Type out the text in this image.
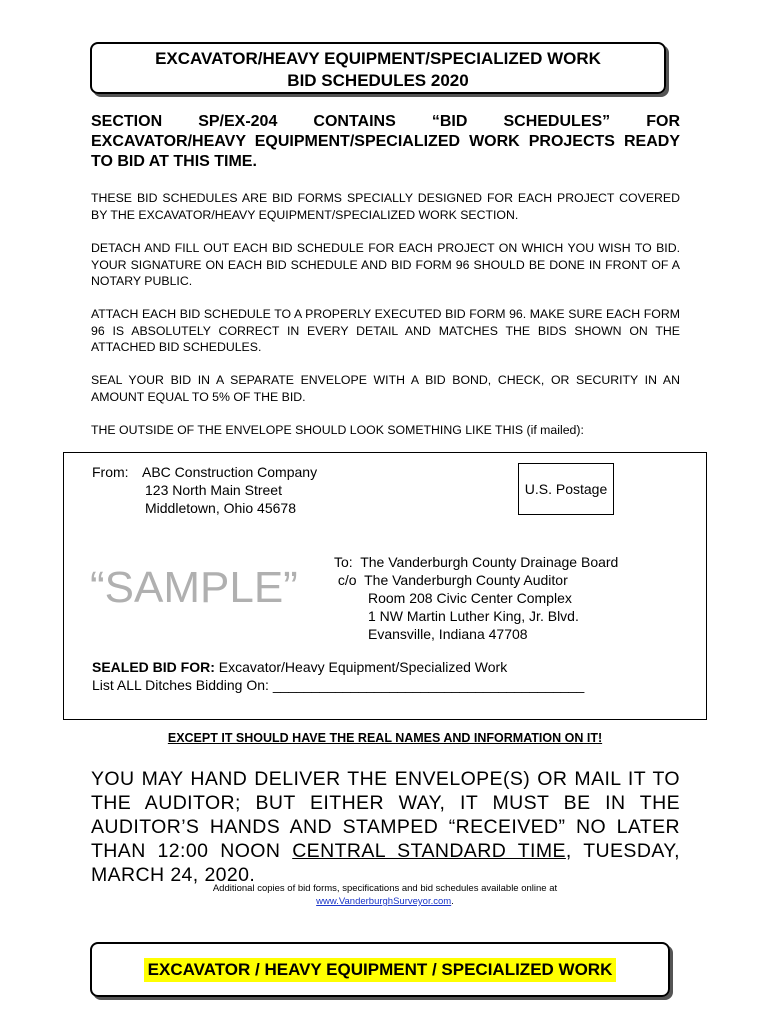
EXCAVATOR/HEAVY EQUIPMENT/SPECIALIZED WORK
BID SCHEDULES 2020
SECTION SP/EX-204 CONTAINS “BID SCHEDULES” FOR EXCAVATOR/HEAVY EQUIPMENT/SPECIALIZED WORK PROJECTS READY TO BID AT THIS TIME.
THESE BID SCHEDULES ARE BID FORMS SPECIALLY DESIGNED FOR EACH PROJECT COVERED BY THE EXCAVATOR/HEAVY EQUIPMENT/SPECIALIZED WORK SECTION.
DETACH AND FILL OUT EACH BID SCHEDULE FOR EACH PROJECT ON WHICH YOU WISH TO BID. YOUR SIGNATURE ON EACH BID SCHEDULE AND BID FORM 96 SHOULD BE DONE IN FRONT OF A NOTARY PUBLIC.
ATTACH EACH BID SCHEDULE TO A PROPERLY EXECUTED BID FORM 96. MAKE SURE EACH FORM 96 IS ABSOLUTELY CORRECT IN EVERY DETAIL AND MATCHES THE BIDS SHOWN ON THE ATTACHED BID SCHEDULES.
SEAL YOUR BID IN A SEPARATE ENVELOPE WITH A BID BOND, CHECK, OR SECURITY IN AN AMOUNT EQUAL TO 5% OF THE BID.
THE OUTSIDE OF THE ENVELOPE SHOULD LOOK SOMETHING LIKE THIS (if mailed):
From: ABC Construction Company
123 North Main Street
Middletown, Ohio 45678
U.S. Postage
“SAMPLE”
To: The Vanderburgh County Drainage Board
c/o The Vanderburgh County Auditor
Room 208 Civic Center Complex
1 NW Martin Luther King, Jr. Blvd.
Evansville, Indiana 47708
SEALED BID FOR: Excavator/Heavy Equipment/Specialized Work
List ALL Ditches Bidding On: ________________________________________
EXCEPT IT SHOULD HAVE THE REAL NAMES AND INFORMATION ON IT!
YOU MAY HAND DELIVER THE ENVELOPE(S) OR MAIL IT TO THE AUDITOR; BUT EITHER WAY, IT MUST BE IN THE AUDITOR’S HANDS AND STAMPED “RECEIVED” NO LATER THAN 12:00 NOON CENTRAL STANDARD TIME, TUESDAY, MARCH 24, 2020.
Additional copies of bid forms, specifications and bid schedules available online at
www.VanderburghSurveyor.com.
EXCAVATOR / HEAVY EQUIPMENT / SPECIALIZED WORK
